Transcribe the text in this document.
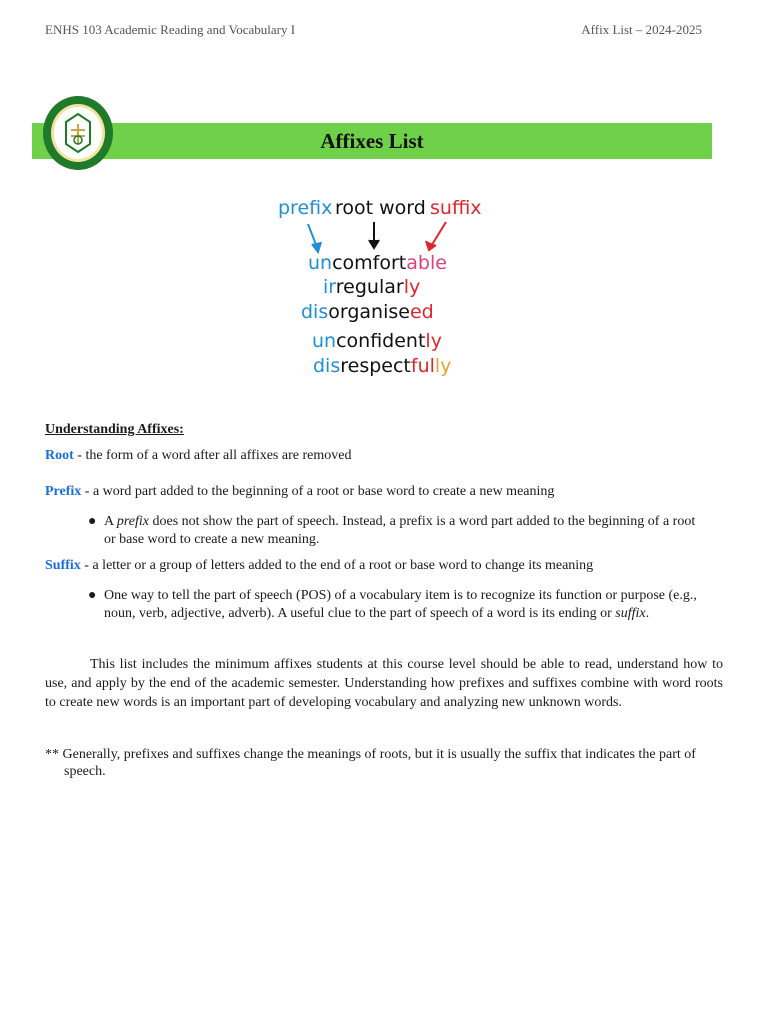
ENHS 103 Academic Reading and Vocabulary I	Affix List – 2024-2025
Affixes List
prefix root word suffix
uncomfortable
irregularly
disorganiseed
unconfidently
disrespectfully
Understanding Affixes:
Root - the form of a word after all affixes are removed
Prefix - a word part added to the beginning of a root or base word to create a new meaning
● A prefix does not show the part of speech. Instead, a prefix is a word part added to the beginning of a root or base word to create a new meaning.
Suffix - a letter or a group of letters added to the end of a root or base word to change its meaning
● One way to tell the part of speech (POS) of a vocabulary item is to recognize its function or purpose (e.g., noun, verb, adjective, adverb). A useful clue to the part of speech of a word is its ending or suffix.
This list includes the minimum affixes students at this course level should be able to read, understand how to use, and apply by the end of the academic semester. Understanding how prefixes and suffixes combine with word roots to create new words is an important part of developing vocabulary and analyzing new unknown words.
** Generally, prefixes and suffixes change the meanings of roots, but it is usually the suffix that indicates the part of speech.
